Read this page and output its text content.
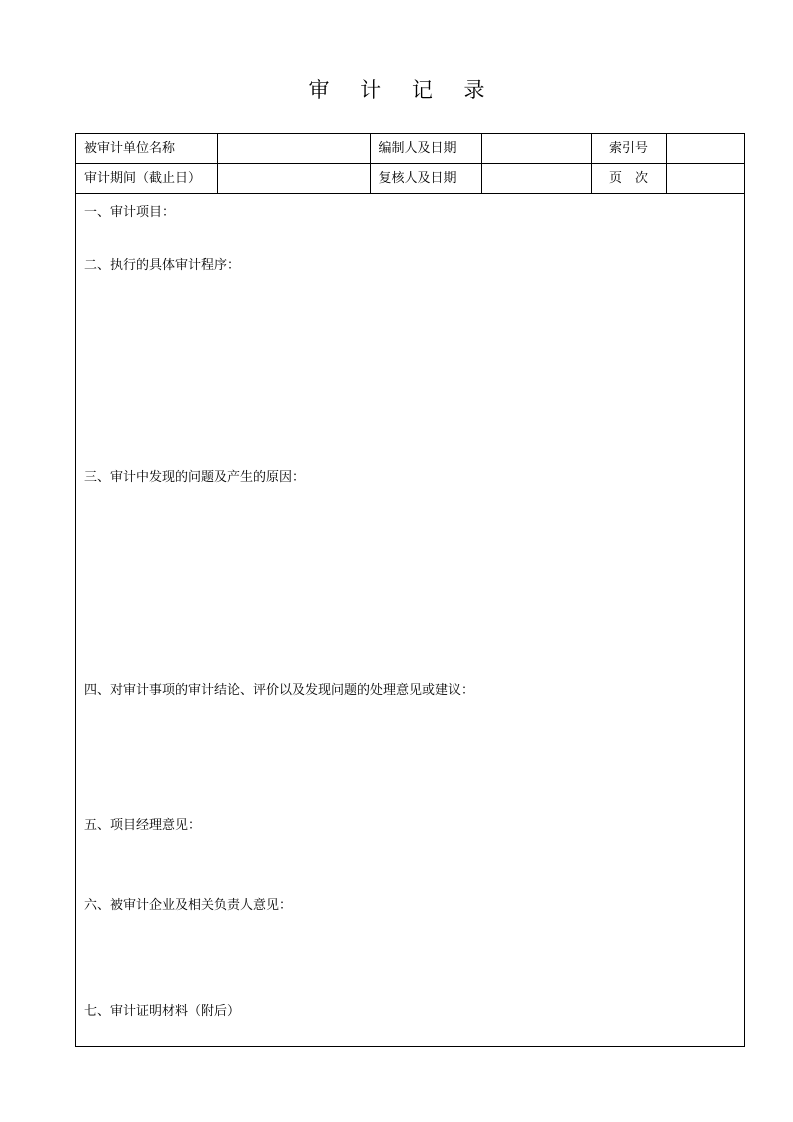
审 计 记 录
被审计单位名称		编制人及日期		索引号	
审计期间（截止日）		复核人及日期		页　次	
一、审计项目：
二、执行的具体审计程序：
三、审计中发现的问题及产生的原因：
四、对审计事项的审计结论、评价以及发现问题的处理意见或建议：
五、项目经理意见：
六、被审计企业及相关负责人意见：
七、审计证明材料（附后）
